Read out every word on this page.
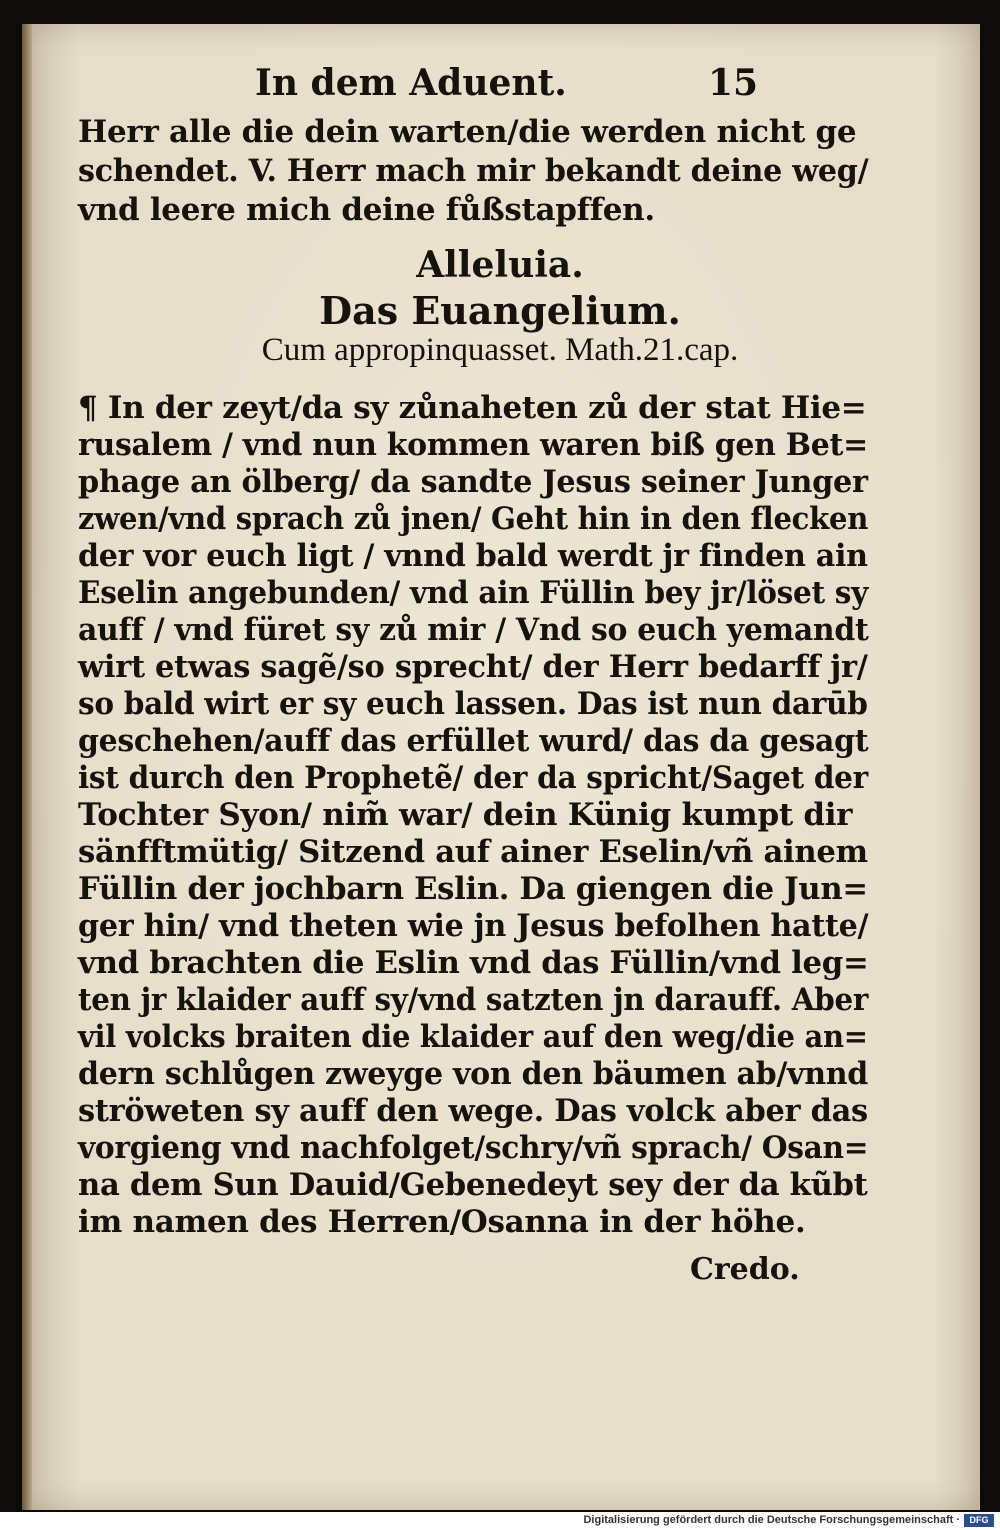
In dem Aduent.	15
Herr alle die dein warten/die werden nicht ge
schendet. V. Herr mach mir bekandt deine weg/
vnd leere mich deine fůßstapffen.
Alleluia.
Das Euangelium.
Cum appropinquasset. Math.21.cap.
¶ In der zeyt/da sy zůnaheten zů der stat Hie=
rusalem / vnd nun kommen waren biß gen Bet=
phage an ölberg/ da sandte Jesus seiner Junger
zwen/vnd sprach zů jnen/ Geht hin in den flecken
der vor euch ligt / vnnd bald werdt jr finden ain
Eselin angebunden/ vnd ain Füllin bey jr/löset sy
auff / vnd füret sy zů mir / Vnd so euch yemandt
wirt etwas sagẽ/so sprecht/ der Herr bedarff jr/
so bald wirt er sy euch lassen. Das ist nun darūb
geschehen/auff das erfüllet wurd/ das da gesagt
ist durch den Prophetẽ/ der da spricht/Saget der
Tochter Syon/ nim̃ war/ dein Künig kumpt dir
sänfftmütig/ Sitzend auf ainer Eselin/vñ ainem
Füllin der jochbarn Eslin. Da giengen die Jun=
ger hin/ vnd theten wie jn Jesus befolhen hatte/
vnd brachten die Eslin vnd das Füllin/vnd leg=
ten jr klaider auff sy/vnd satzten jn darauff. Aber
vil volcks braiten die klaider auf den weg/die an=
dern schlůgen zweyge von den bäumen ab/vnnd
ströweten sy auff den wege. Das volck aber das
vorgieng vnd nachfolget/schry/vñ sprach/ Osan=
na dem Sun Dauid/Gebenedeyt sey der da kũbt
im namen des Herren/Osanna in der höhe.
Credo.
Digitalisierung gefördert durch die Deutsche Forschungsgemeinschaft ·	DFG
